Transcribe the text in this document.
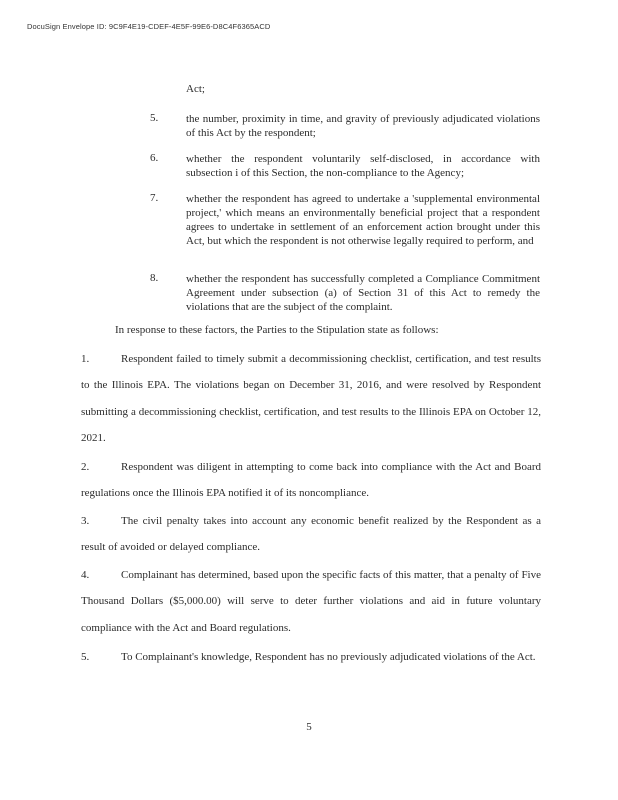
DocuSign Envelope ID: 9C9F4E19-CDEF-4E5F-99E6-D8C4F6365ACD
Act;
5.	the number, proximity in time, and gravity of previously adjudicated violations of this Act by the respondent;
6.	whether the respondent voluntarily self-disclosed, in accordance with subsection i of this Section, the non-compliance to the Agency;
7.	whether the respondent has agreed to undertake a 'supplemental environmental project,' which means an environmentally beneficial project that a respondent agrees to undertake in settlement of an enforcement action brought under this Act, but which the respondent is not otherwise legally required to perform, and
8.	whether the respondent has successfully completed a Compliance Commitment Agreement under subsection (a) of Section 31 of this Act to remedy the violations that are the subject of the complaint.
In response to these factors, the Parties to the Stipulation state as follows:
1.	Respondent failed to timely submit a decommissioning checklist, certification, and test results to the Illinois EPA. The violations began on December 31, 2016, and were resolved by Respondent submitting a decommissioning checklist, certification, and test results to the Illinois EPA on October 12, 2021.
2.	Respondent was diligent in attempting to come back into compliance with the Act and Board regulations once the Illinois EPA notified it of its noncompliance.
3.	The civil penalty takes into account any economic benefit realized by the Respondent as a result of avoided or delayed compliance.
4.	Complainant has determined, based upon the specific facts of this matter, that a penalty of Five Thousand Dollars ($5,000.00) will serve to deter further violations and aid in future voluntary compliance with the Act and Board regulations.
5.	To Complainant's knowledge, Respondent has no previously adjudicated violations of the Act.
5
